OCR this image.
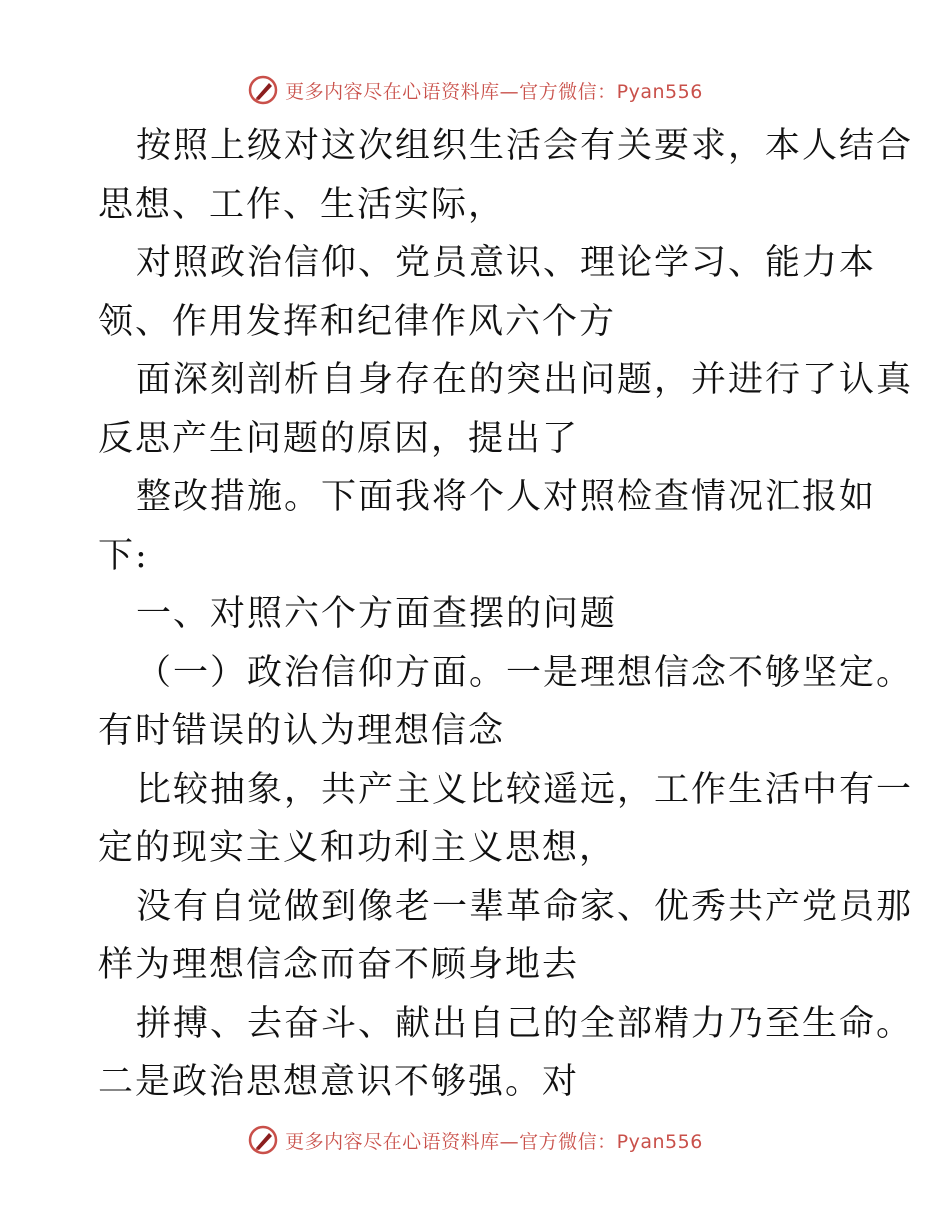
更多内容尽在心语资料库—官方微信：Pyan556
按照上级对这次组织生活会有关要求，本人结合
思想、工作、生活实际，
对照政治信仰、党员意识、理论学习、能力本
领、作用发挥和纪律作风六个方
面深刻剖析自身存在的突出问题，并进行了认真
反思产生问题的原因，提出了
整改措施。下面我将个人对照检查情况汇报如
下:
一、对照六个方面查摆的问题
（一）政治信仰方面。一是理想信念不够坚定。
有时错误的认为理想信念
比较抽象，共产主义比较遥远，工作生活中有一
定的现实主义和功利主义思想，
没有自觉做到像老一辈革命家、优秀共产党员那
样为理想信念而奋不顾身地去
拼搏、去奋斗、献出自己的全部精力乃至生命。
二是政治思想意识不够强。对
更多内容尽在心语资料库—官方微信：Pyan556
